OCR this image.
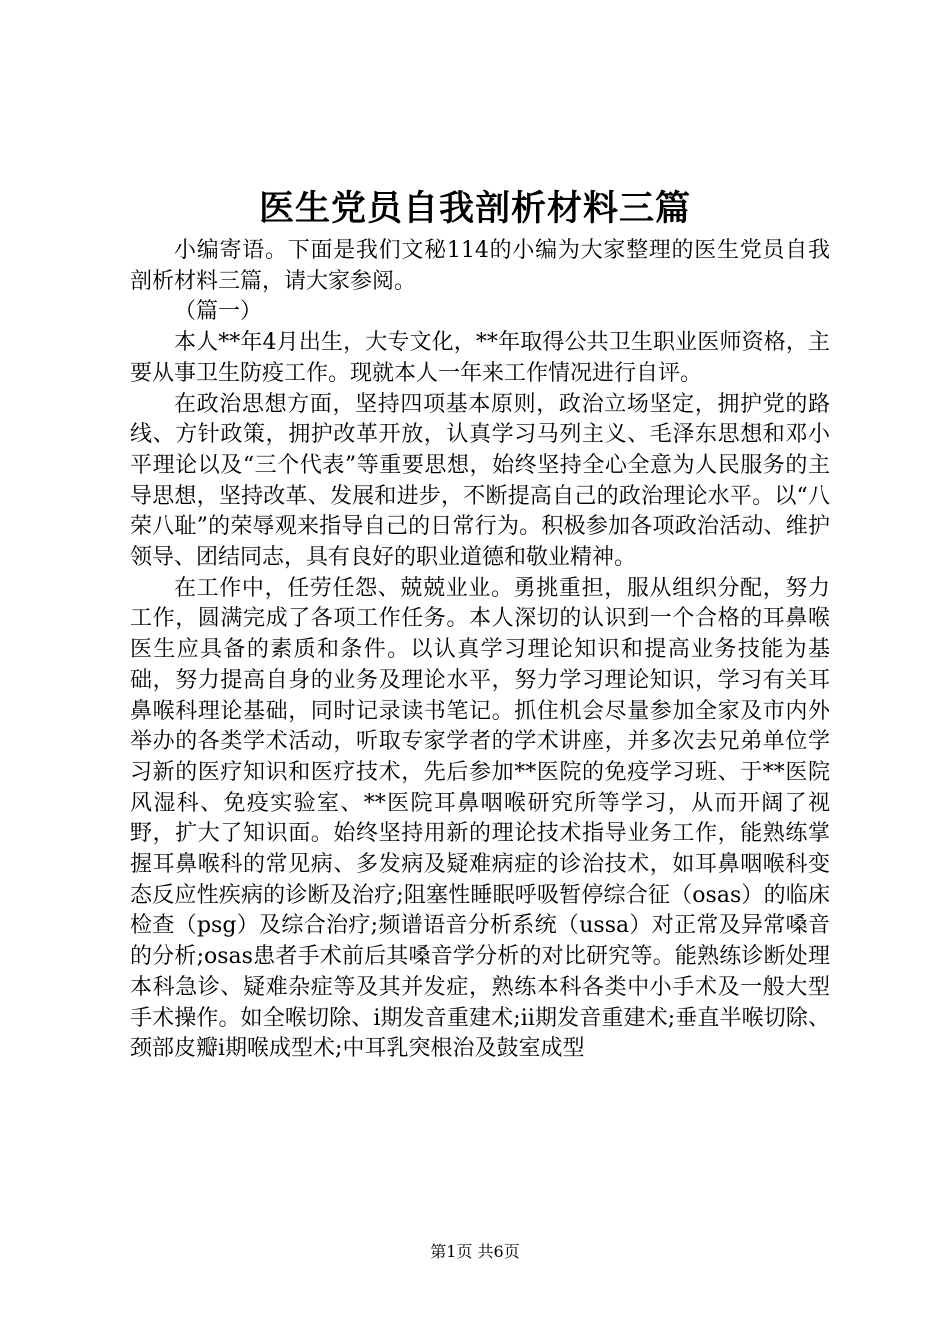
医生党员自我剖析材料三篇

小编寄语。下面是我们文秘114的小编为大家整理的医生党员自我剖析材料三篇，请大家参阅。

（篇一）

本人**年4月出生，大专文化，**年取得公共卫生职业医师资格，主要从事卫生防疫工作。现就本人一年来工作情况进行自评。

在政治思想方面，坚持四项基本原则，政治立场坚定，拥护党的路线、方针政策，拥护改革开放，认真学习马列主义、毛泽东思想和邓小平理论以及“三个代表”等重要思想，始终坚持全心全意为人民服务的主导思想，坚持改革、发展和进步，不断提高自己的政治理论水平。以“八荣八耻”的荣辱观来指导自己的日常行为。积极参加各项政治活动、维护领导、团结同志，具有良好的职业道德和敬业精神。

在工作中，任劳任怨、兢兢业业。勇挑重担，服从组织分配，努力工作，圆满完成了各项工作任务。本人深切的认识到一个合格的耳鼻喉医生应具备的素质和条件。以认真学习理论知识和提高业务技能为基础，努力提高自身的业务及理论水平，努力学习理论知识，学习有关耳鼻喉科理论基础，同时记录读书笔记。抓住机会尽量参加全家及市内外举办的各类学术活动，听取专家学者的学术讲座，并多次去兄弟单位学习新的医疗知识和医疗技术，先后参加**医院的免疫学习班、于**医院风湿科、免疫实验室、**医院耳鼻咽喉研究所等学习，从而开阔了视野，扩大了知识面。始终坚持用新的理论技术指导业务工作，能熟练掌握耳鼻喉科的常见病、多发病及疑难病症的诊治技术，如耳鼻咽喉科变态反应性疾病的诊断及治疗;阻塞性睡眠呼吸暂停综合征（osas）的临床检查（psg）及综合治疗;频谱语音分析系统（ussa）对正常及异常嗓音的分析;osas患者手术前后其嗓音学分析的对比研究等。能熟练诊断处理本科急诊、疑难杂症等及其并发症，熟练本科各类中小手术及一般大型手术操作。如全喉切除、ⅰ期发音重建术;ⅱ期发音重建术;垂直半喉切除、颈部皮瓣ⅰ期喉成型术;中耳乳突根治及鼓室成型

第1页 共6页
